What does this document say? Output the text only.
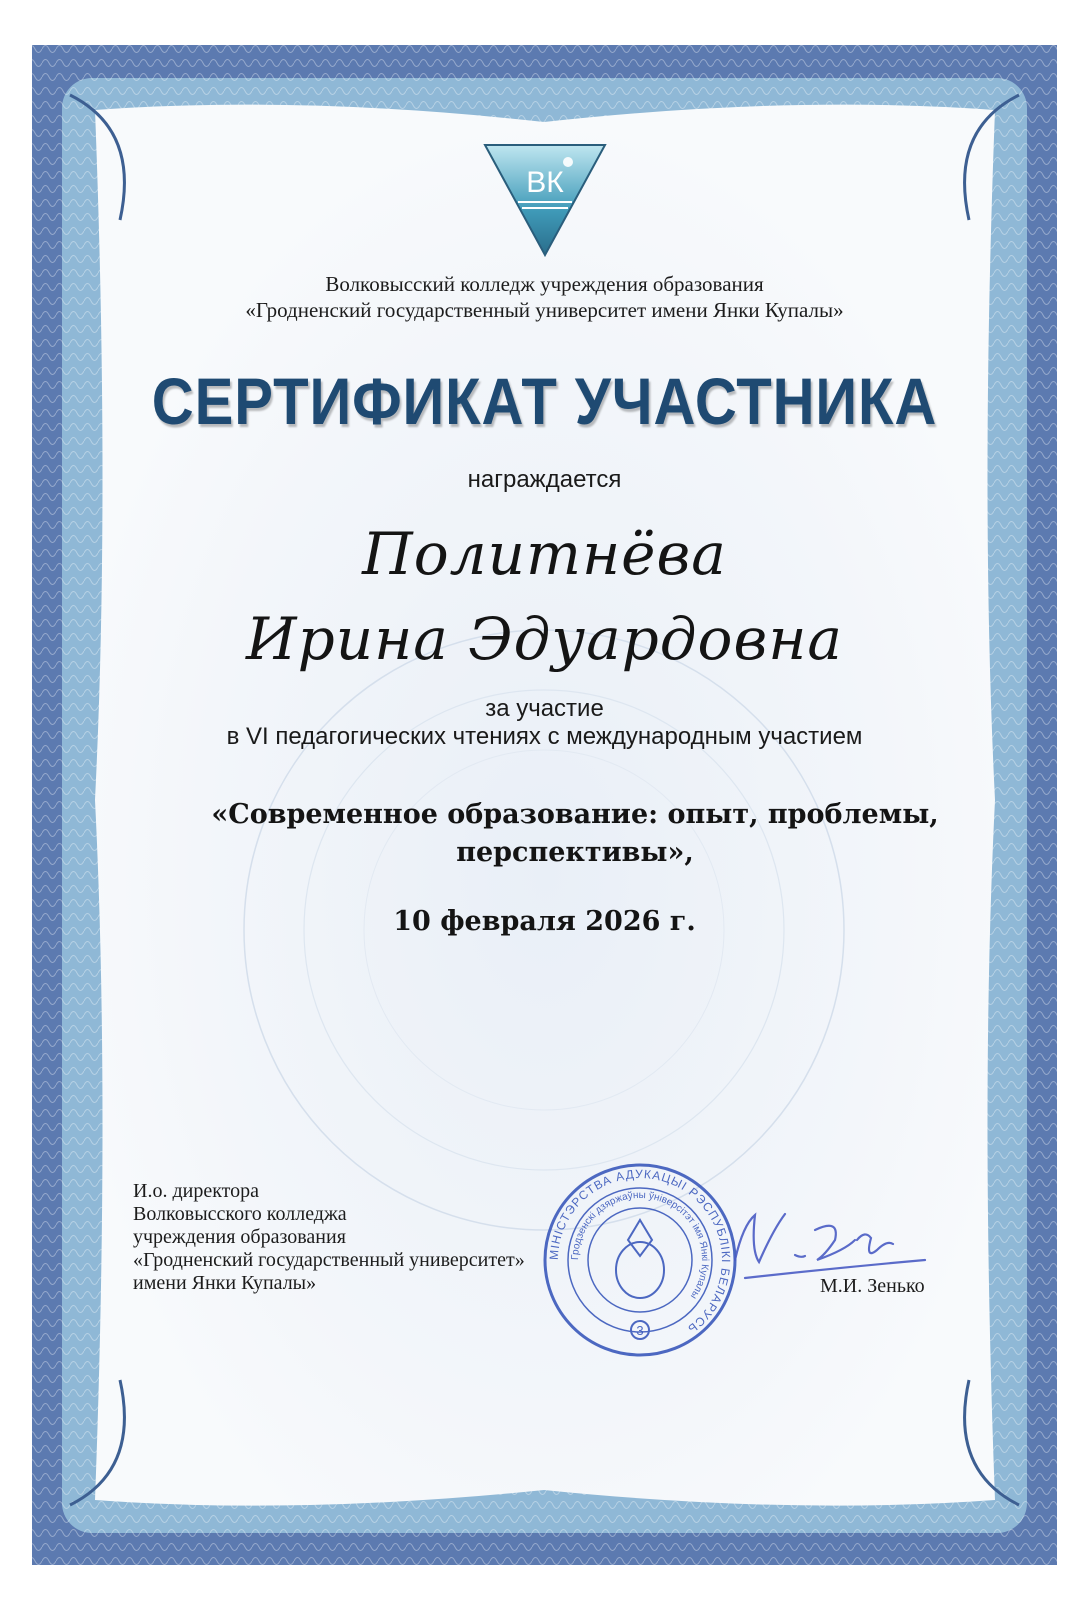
ВК
Волковысский колледж учреждения образования
«Гродненский государственный университет имени Янки Купалы»
СЕРТИФИКАТ УЧАСТНИКА
награждается
Политнёва
Ирина Эдуардовна
за участие
в VI педагогических чтениях с международным участием
«Современное образование: опыт, проблемы, перспективы»,
10 февраля 2026 г.
И.о. директора
Волковысского колледжа
учреждения образования
«Гродненский государственный университет»
имени Янки Купалы»
МІНІСТЭРСТВА АДУКАЦЫІ РЭСПУБЛІКІ БЕЛАРУСЬ
Гродзенскі дзяржаўны ўніверсітэт імя Янкі Купалы
3
М.И. Зенько
